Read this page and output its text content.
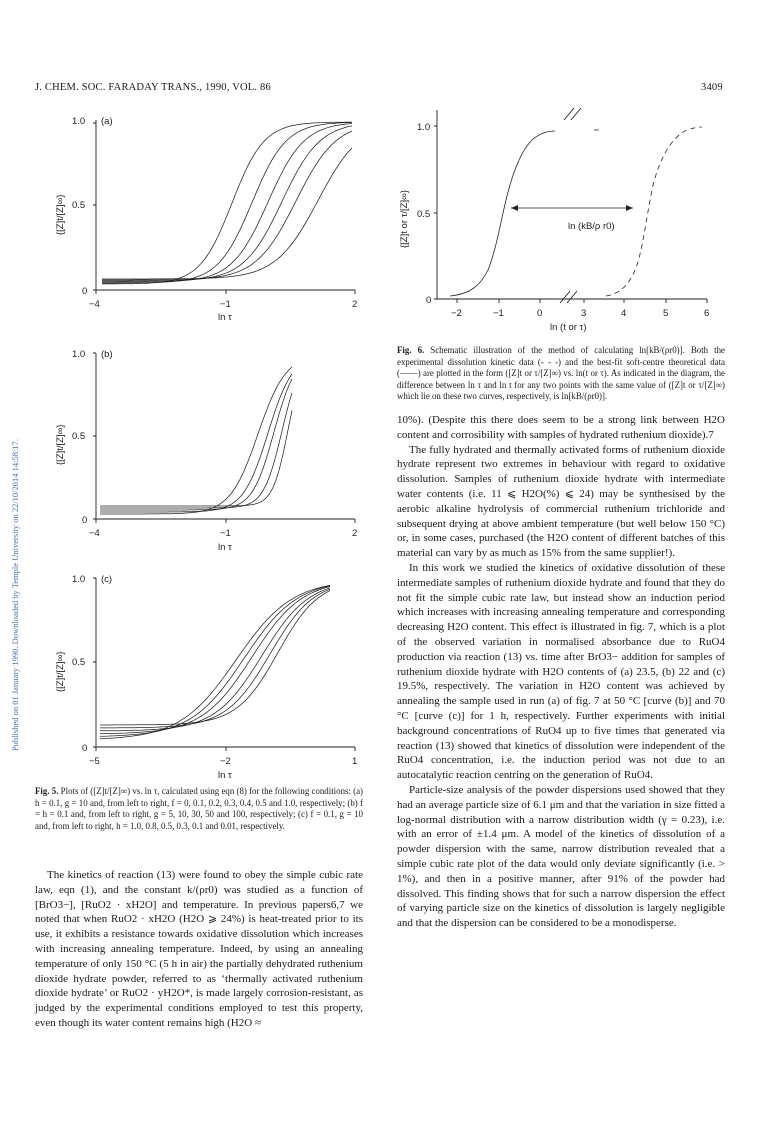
J. CHEM. SOC. FARADAY TRANS., 1990, VOL. 86	3409
Published on 01 January 1990. Downloaded by Temple University on 22/10/2014 14:58:17.
1.0
0.5
0
(a)
−4	−1	2
ln τ
{[Z]t/[Z]∞}
1.0
0.5
0
(b)
−4	−1	2
ln τ
{[Z]t/[Z]∞}
1.0
0.5
0
(c)
−5	−2	1
ln τ
{[Z]t/[Z]∞}
Fig. 5. Plots of ([Z]t/[Z]∞) vs. ln τ, calculated using eqn (8) for the following conditions: (a) h = 0.1, g = 10 and, from left to right, f = 0, 0.1, 0.2, 0.3, 0.4, 0.5 and 1.0, respectively; (b) f = h = 0.1 and, from left to right, g = 5, 10, 30, 50 and 100, respectively; (c) f = 0.1, g = 10 and, from left to right, h = 1.0, 0.8, 0.5, 0.3, 0.1 and 0.01, respectively.

The kinetics of reaction (13) were found to obey the simple cubic rate law, eqn (1), and the constant k/(ρr0) was studied as a function of [BrO3−], [RuO2 · xH2O] and temperature. In previous papers6,7 we noted that when RuO2 · xH2O (H2O ⩾ 24%) is heat-treated prior to its use, it exhibits a resistance towards oxidative dissolution which increases with increasing annealing temperature. Indeed, by using an annealing temperature of only 150 °C (5 h in air) the partially dehydrated ruthenium dioxide hydrate powder, referred to as ‘thermally activated ruthenium dioxide hydrate’ or RuO2 · yH2O*, is made largely corrosion-resistant, as judged by the experimental conditions employed to test this property, even though its water content remains high (H2O ≈

1.0
0.5
0
−2	−1	0	3	4	5	6
ln (t or τ)
ln (kB/ρ r0)
{[Z]t or τ/[Z]∞}
Fig. 6. Schematic illustration of the method of calculating ln[kB/(ρr0)]. Both the experimental dissolution kinetic data (- - -) and the best-fit soft-centre theoretical data (——) are plotted in the form ([Z]t or τ/[Z]∞) vs. ln(t or τ). As indicated in the diagram, the difference between ln τ and ln t for any two points with the same value of ([Z]t or τ/[Z]∞) which lie on these two curves, respectively, is ln[kB/(ρr0)].

10%). (Despite this there does seem to be a strong link between H2O content and corrosibility with samples of hydrated ruthenium dioxide).7

The fully hydrated and thermally activated forms of ruthenium dioxide hydrate represent two extremes in behaviour with regard to oxidative dissolution. Samples of ruthenium dioxide hydrate with intermediate water contents (i.e. 11 ⩽ H2O(%) ⩽ 24) may be synthesised by the aerobic alkaline hydrolysis of commercial ruthenium trichloride and subsequent drying at above ambient temperature (but well below 150 °C) or, in some cases, purchased (the H2O content of different batches of this material can vary by as much as 15% from the same supplier!).

In this work we studied the kinetics of oxidative dissolution of these intermediate samples of ruthenium dioxide hydrate and found that they do not fit the simple cubic rate law, but instead show an induction period which increases with increasing annealing temperature and corresponding decreasing H2O content. This effect is illustrated in fig. 7, which is a plot of the observed variation in normalised absorbance due to RuO4 production via reaction (13) vs. time after BrO3− addition for samples of ruthenium dioxide hydrate with H2O contents of (a) 23.5, (b) 22 and (c) 19.5%, respectively. The variation in H2O content was achieved by annealing the sample used in run (a) of fig. 7 at 50 °C [curve (b)] and 70 °C [curve (c)] for 1 h, respectively. Further experiments with initial background concentrations of RuO4 up to five times that generated via reaction (13) showed that kinetics of dissolution were independent of the RuO4 concentration, i.e. the induction period was not due to an autocatalytic reaction centring on the generation of RuO4.

Particle-size analysis of the powder dispersions used showed that they had an average particle size of 6.1 μm and that the variation in size fitted a log-normal distribution with a narrow distribution width (γ = 0.23), i.e. with an error of ±1.4 μm. A model of the kinetics of dissolution of a powder dispersion with the same, narrow distribution revealed that a simple cubic rate plot of the data would only deviate significantly (i.e. > 1%), and then in a positive manner, after 91% of the powder had dissolved. This finding shows that for such a narrow dispersion the effect of varying particle size on the kinetics of dissolution is largely negligible and that the dispersion can be considered to be a monodisperse.
